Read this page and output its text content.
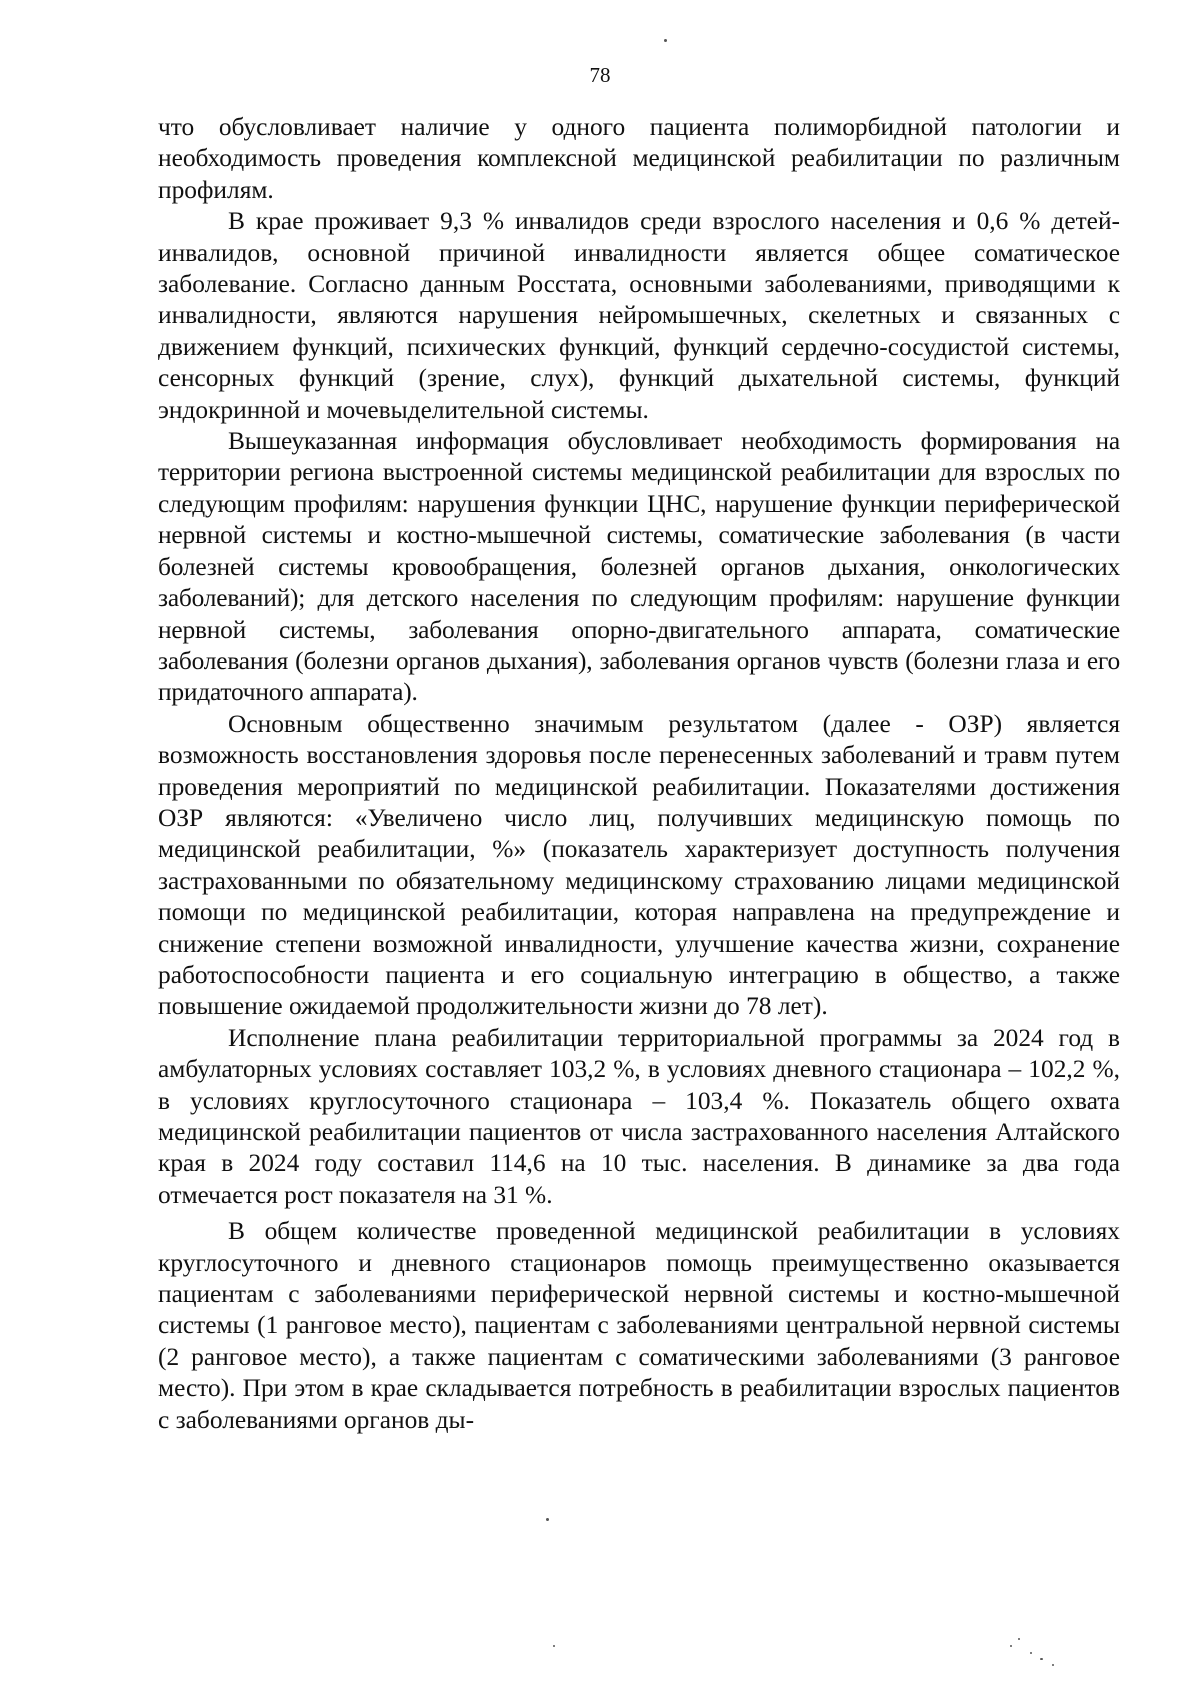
78

что обусловливает наличие у одного пациента полиморбидной патологии и необходимость проведения комплексной медицинской реабилитации по различным профилям.

В крае проживает 9,3 % инвалидов среди взрослого населения и 0,6 % детей-инвалидов, основной причиной инвалидности является общее соматическое заболевание. Согласно данным Росстата, основными заболеваниями, приводящими к инвалидности, являются нарушения нейромышечных, скелетных и связанных с движением функций, психических функций, функций сердечно-сосудистой системы, сенсорных функций (зрение, слух), функций дыхательной системы, функций эндокринной и мочевыделительной системы.

Вышеуказанная информация обусловливает необходимость формирования на территории региона выстроенной системы медицинской реабилитации для взрослых по следующим профилям: нарушения функции ЦНС, нарушение функции периферической нервной системы и костно-мышечной системы, соматические заболевания (в части болезней системы кровообращения, болезней органов дыхания, онкологических заболеваний); для детского населения по следующим профилям: нарушение функции нервной системы, заболевания опорно-двигательного аппарата, соматические заболевания (болезни органов дыхания), заболевания органов чувств (болезни глаза и его придаточного аппарата).

Основным общественно значимым результатом (далее - ОЗР) является возможность восстановления здоровья после перенесенных заболеваний и травм путем проведения мероприятий по медицинской реабилитации. Показателями достижения ОЗР являются: «Увеличено число лиц, получивших медицинскую помощь по медицинской реабилитации, %» (показатель характеризует доступность получения застрахованными по обязательному медицинскому страхованию лицами медицинской помощи по медицинской реабилитации, которая направлена на предупреждение и снижение степени возможной инвалидности, улучшение качества жизни, сохранение работоспособности пациента и его социальную интеграцию в общество, а также повышение ожидаемой продолжительности жизни до 78 лет).

Исполнение плана реабилитации территориальной программы за 2024 год в амбулаторных условиях составляет 103,2 %, в условиях дневного стационара – 102,2 %, в условиях круглосуточного стационара – 103,4 %. Показатель общего охвата медицинской реабилитации пациентов от числа застрахованного населения Алтайского края в 2024 году составил 114,6 на 10 тыс. населения. В динамике за два года отмечается рост показателя на 31 %.

В общем количестве проведенной медицинской реабилитации в условиях круглосуточного и дневного стационаров помощь преимущественно оказывается пациентам с заболеваниями периферической нервной системы и костно-мышечной системы (1 ранговое место), пациентам с заболеваниями центральной нервной системы (2 ранговое место), а также пациентам с соматическими заболеваниями (3 ранговое место). При этом в крае складывается потребность в реабилитации взрослых пациентов с заболеваниями органов ды-
